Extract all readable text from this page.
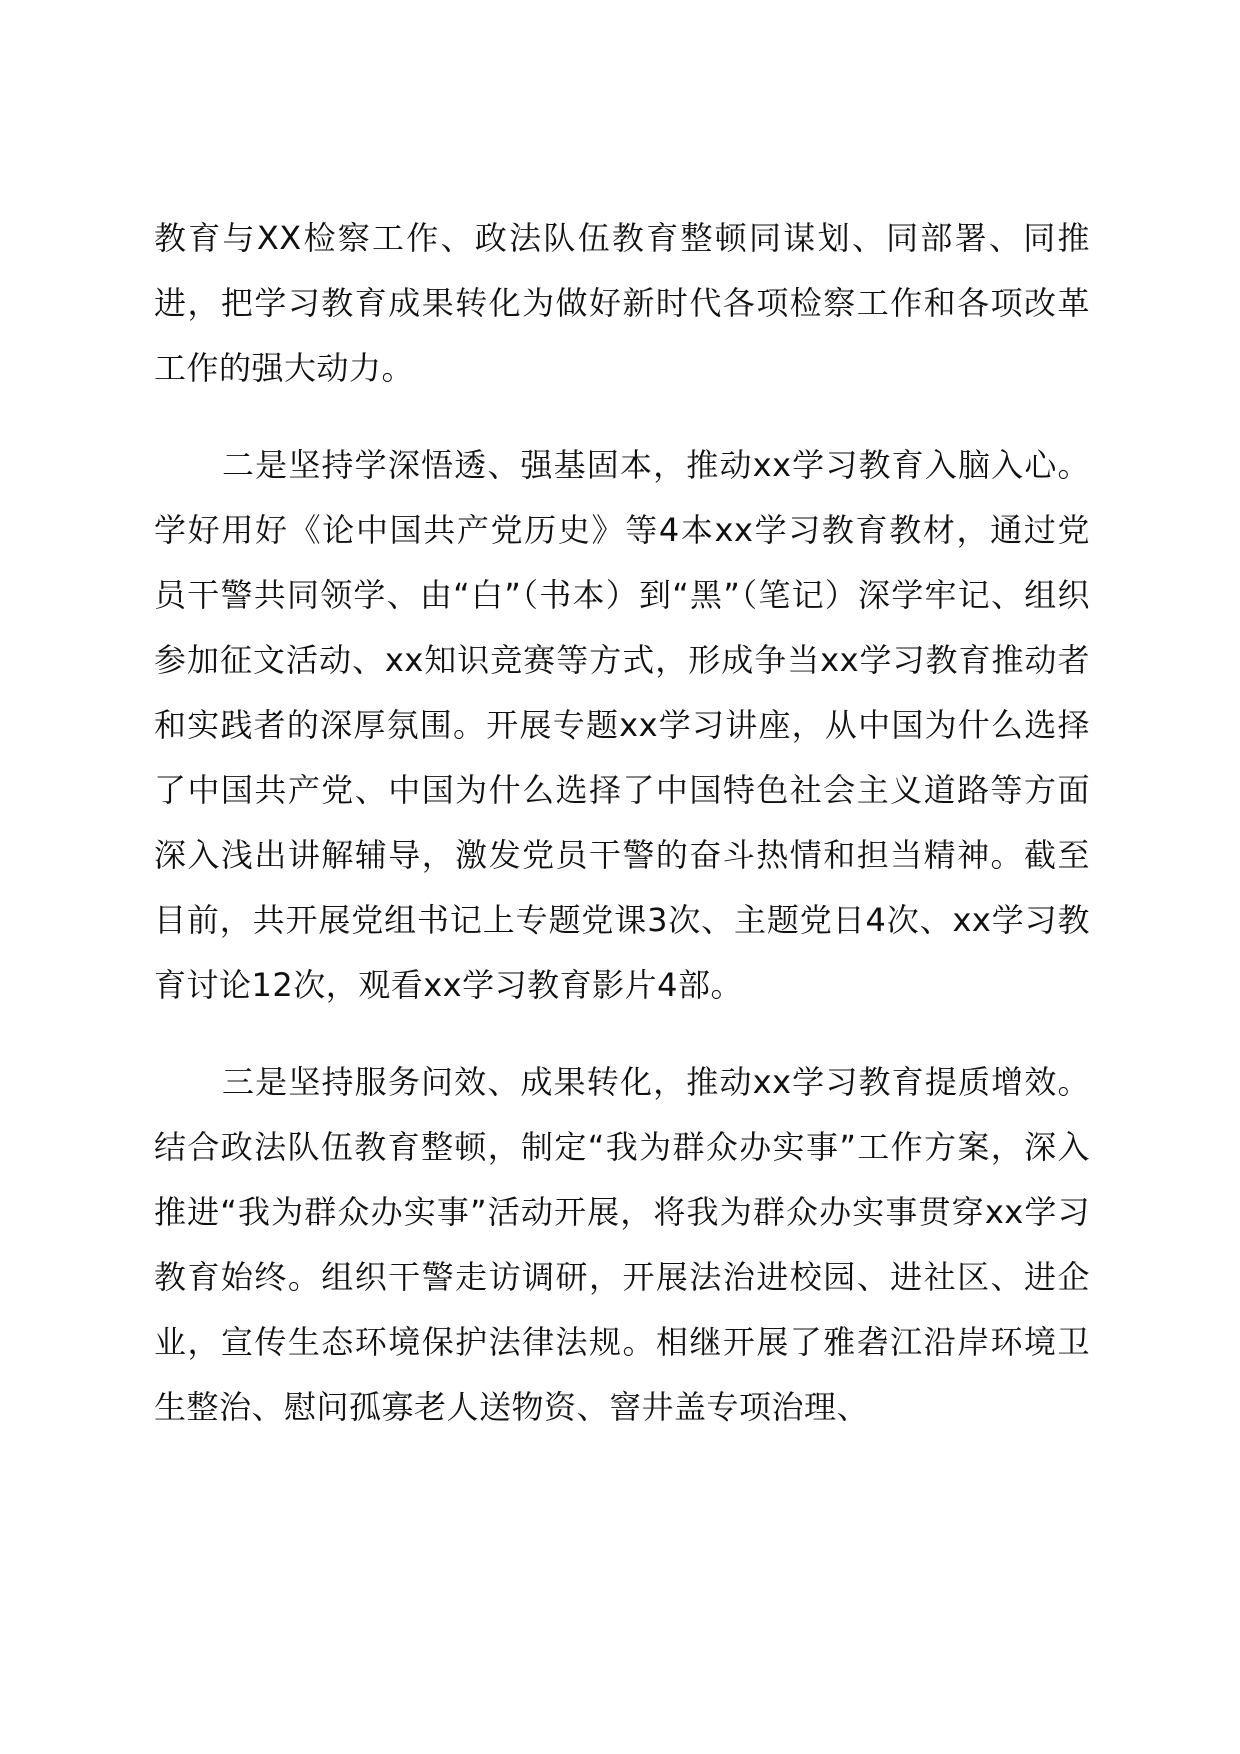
教育与XX检察工作、政法队伍教育整顿同谋划、同部署、同推进，把学习教育成果转化为做好新时代各项检察工作和各项改革工作的强大动力。

二是坚持学深悟透、强基固本，推动xx学习教育入脑入心。学好用好《论中国共产党历史》等4本xx学习教育教材，通过党员干警共同领学、由“白”（书本）到“黑”（笔记）深学牢记、组织参加征文活动、xx知识竞赛等方式，形成争当xx学习教育推动者和实践者的深厚氛围。开展专题xx学习讲座，从中国为什么选择了中国共产党、中国为什么选择了中国特色社会主义道路等方面深入浅出讲解辅导，激发党员干警的奋斗热情和担当精神。截至目前，共开展党组书记上专题党课3次、主题党日4次、xx学习教育讨论12次，观看xx学习教育影片4部。

三是坚持服务问效、成果转化，推动xx学习教育提质增效。结合政法队伍教育整顿，制定“我为群众办实事”工作方案，深入推进“我为群众办实事”活动开展，将我为群众办实事贯穿xx学习教育始终。组织干警走访调研，开展法治进校园、进社区、进企业，宣传生态环境保护法律法规。相继开展了雅砻江沿岸环境卫生整治、慰问孤寡老人送物资、窨井盖专项治理、
